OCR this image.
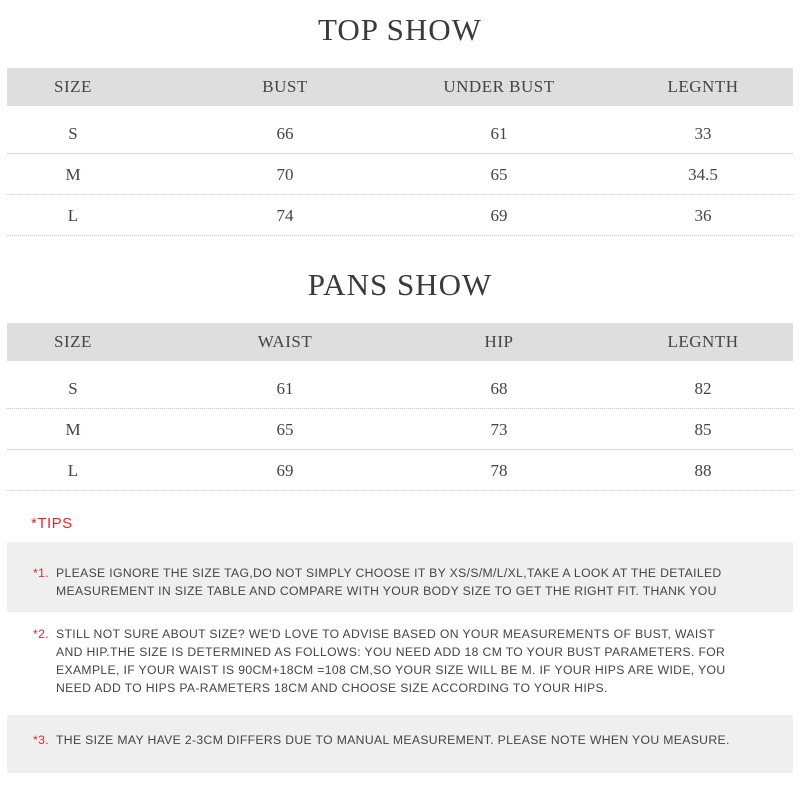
TOP SHOW
SIZE	BUST	UNDER BUST	LEGNTH
S	66	61	33
M	70	65	34.5
L	74	69	36
PANS SHOW
SIZE	WAIST	HIP	LEGNTH
S	61	68	82
M	65	73	85
L	69	78	88
*TIPS
*1. PLEASE IGNORE THE SIZE TAG,DO NOT SIMPLY CHOOSE IT BY XS/S/M/L/XL,TAKE A LOOK AT THE DETAILED
MEASUREMENT IN SIZE TABLE AND COMPARE WITH YOUR BODY SIZE TO GET THE RIGHT FIT. THANK YOU
*2. STILL NOT SURE ABOUT SIZE? WE'D LOVE TO ADVISE BASED ON YOUR MEASUREMENTS OF BUST, WAIST
AND HIP.THE SIZE IS DETERMINED AS FOLLOWS: YOU NEED ADD 18 CM TO YOUR BUST PARAMETERS. FOR
EXAMPLE, IF YOUR WAIST IS 90CM+18CM =108 CM,SO YOUR SIZE WILL BE M. IF YOUR HIPS ARE WIDE, YOU
NEED ADD TO HIPS PA-RAMETERS 18CM AND CHOOSE SIZE ACCORDING TO YOUR HIPS.
*3. THE SIZE MAY HAVE 2-3CM DIFFERS DUE TO MANUAL MEASUREMENT. PLEASE NOTE WHEN YOU MEASURE.
